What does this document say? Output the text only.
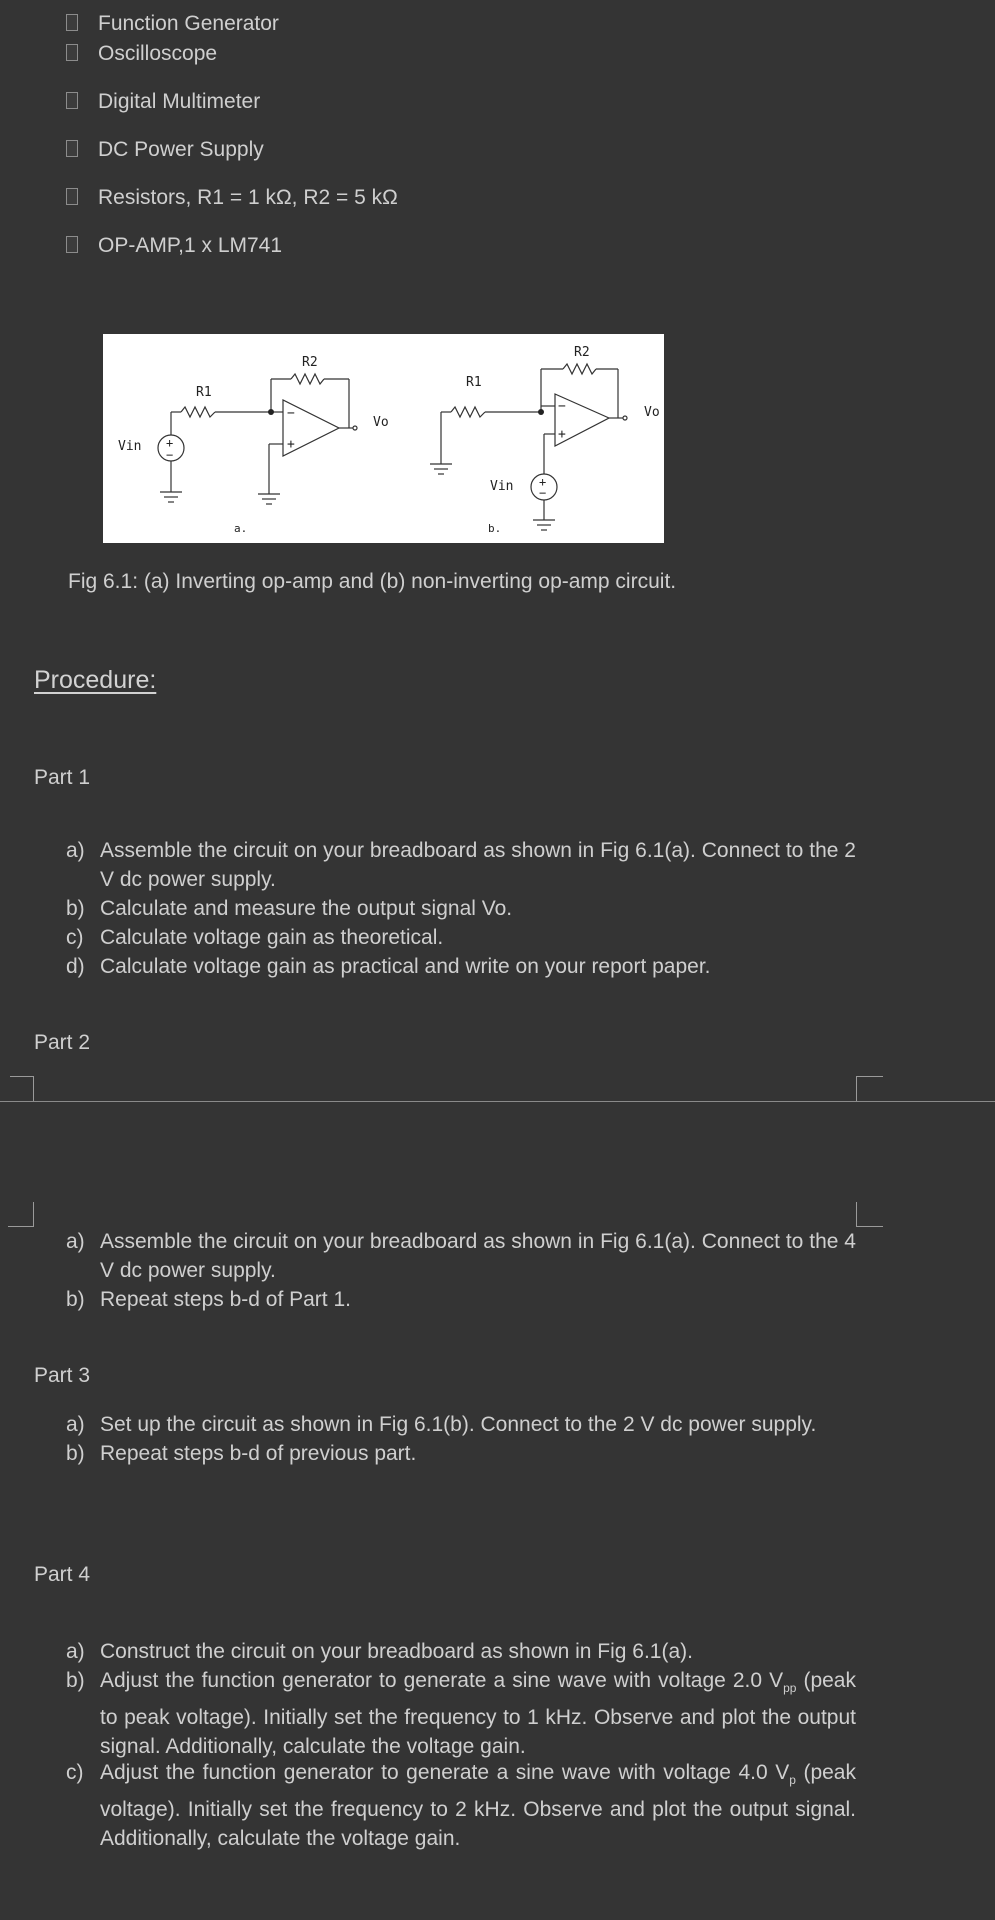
Function Generator
Oscilloscope
Digital Multimeter
DC Power Supply
Resistors, R1 = 1 kΩ, R2 = 5 kΩ
OP-AMP,1 x LM741
−
+
−
+
+
−
+
−
R1
R2
Vin
Vo
a.
R1
R2
Vin
Vo
b.
Fig 6.1: (a) Inverting op-amp and (b) non-inverting op-amp circuit.
Procedure:
Part 1
a) Assemble the circuit on your breadboard as shown in Fig 6.1(a). Connect to the 2 V dc power supply.
b) Calculate and measure the output signal Vo.
c) Calculate voltage gain as theoretical.
d) Calculate voltage gain as practical and write on your report paper.
Part 2
a) Assemble the circuit on your breadboard as shown in Fig 6.1(a). Connect to the 4 V dc power supply.
b) Repeat steps b-d of Part 1.
Part 3
a) Set up the circuit as shown in Fig 6.1(b). Connect to the 2 V dc power supply.
b) Repeat steps b-d of previous part.
Part 4
a) Construct the circuit on your breadboard as shown in Fig 6.1(a).
b) Adjust the function generator to generate a sine wave with voltage 2.0 $V_{pp}$ (peak to peak voltage). Initially set the frequency to 1 kHz. Observe and plot the output signal. Additionally, calculate the voltage gain.
c) Adjust the function generator to generate a sine wave with voltage 4.0 $V_p$ (peak voltage). Initially set the frequency to 2 kHz. Observe and plot the output signal. Additionally, calculate the voltage gain.
